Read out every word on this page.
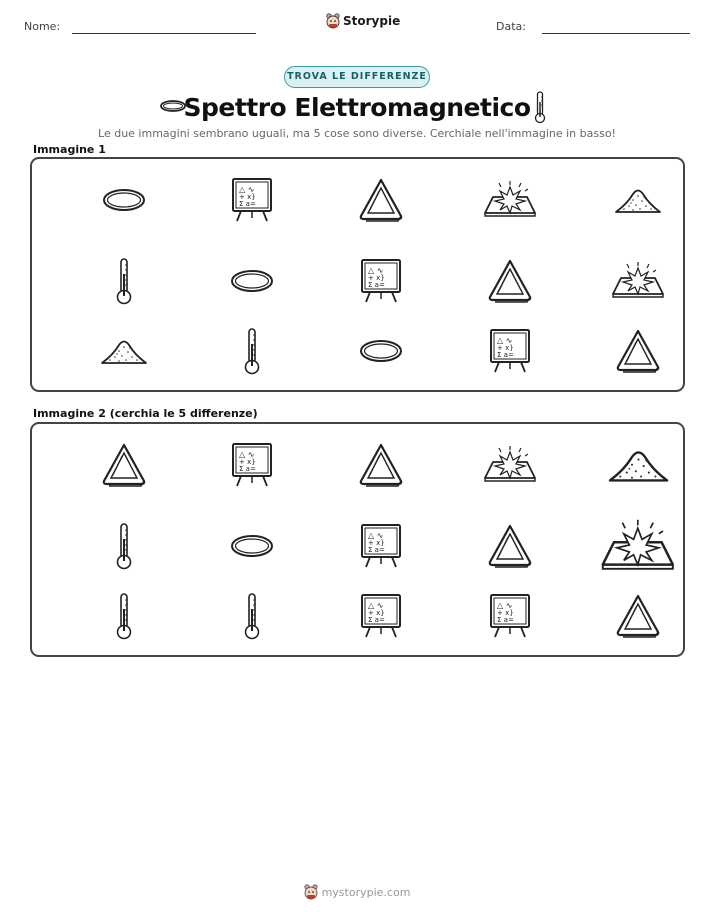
Nome:	Storypie	Data:
TROVA LE DIFFERENZE
Spettro Elettromagnetico
Le due immagini sembrano uguali, ma 5 cose sono diverse. Cerchiale nell'immagine in basso!
Immagine 1
△ ∿
+ x}
Σ a=
△ ∿
+ x}
Σ a=
△ ∿
+ x}
Σ a=
Immagine 2 (cerchia le 5 differenze)
△ ∿
+ x}
Σ a=
△ ∿
+ x}
Σ a=
△ ∿
+ x}
Σ a=
△ ∿
+ x}
Σ a=
mystorypie.com
